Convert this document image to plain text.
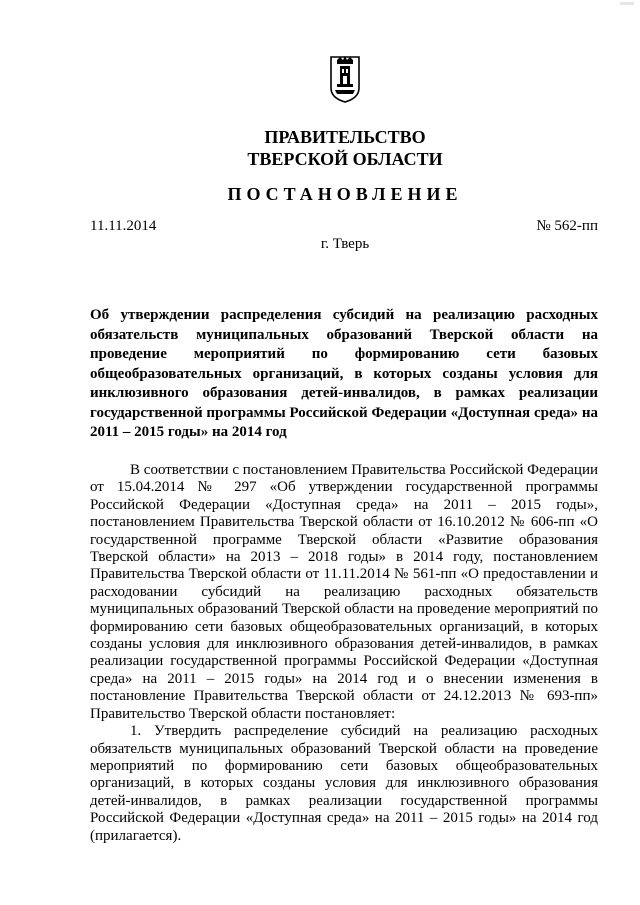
ПРАВИТЕЛЬСТВО
ТВЕРСКОЙ ОБЛАСТИ
ПОСТАНОВЛЕНИЕ
11.11.2014	№ 562-пп
г. Тверь
Об утверждении распределения субсидий на реализацию расходных обязательств муниципальных образований Тверской области на проведение мероприятий по формированию сети базовых общеобразовательных организаций, в которых созданы условия для инклюзивного образования детей-инвалидов, в рамках реализации государственной программы Российской Федерации «Доступная среда» на 2011 – 2015 годы» на 2014 год

В соответствии с постановлением Правительства Российской Федерации от 15.04.2014 № 297 «Об утверждении государственной программы Российской Федерации «Доступная среда» на 2011 – 2015 годы», постановлением Правительства Тверской области от 16.10.2012 № 606-пп «О государственной программе Тверской области «Развитие образования Тверской области» на 2013 – 2018 годы» в 2014 году, постановлением Правительства Тверской области от 11.11.2014 № 561-пп «О предоставлении и расходовании субсидий на реализацию расходных обязательств муниципальных образований Тверской области на проведение мероприятий по формированию сети базовых общеобразовательных организаций, в которых созданы условия для инклюзивного образования детей-инвалидов, в рамках реализации государственной программы Российской Федерации «Доступная среда» на 2011 – 2015 годы» на 2014 год и о внесении изменения в постановление Правительства Тверской области от 24.12.2013 № 693-пп» Правительство Тверской области постановляет:

1. Утвердить распределение субсидий на реализацию расходных обязательств муниципальных образований Тверской области на проведение мероприятий по формированию сети базовых общеобразовательных организаций, в которых созданы условия для инклюзивного образования детей-инвалидов, в рамках реализации государственной программы Российской Федерации «Доступная среда» на 2011 – 2015 годы» на 2014 год (прилагается).
